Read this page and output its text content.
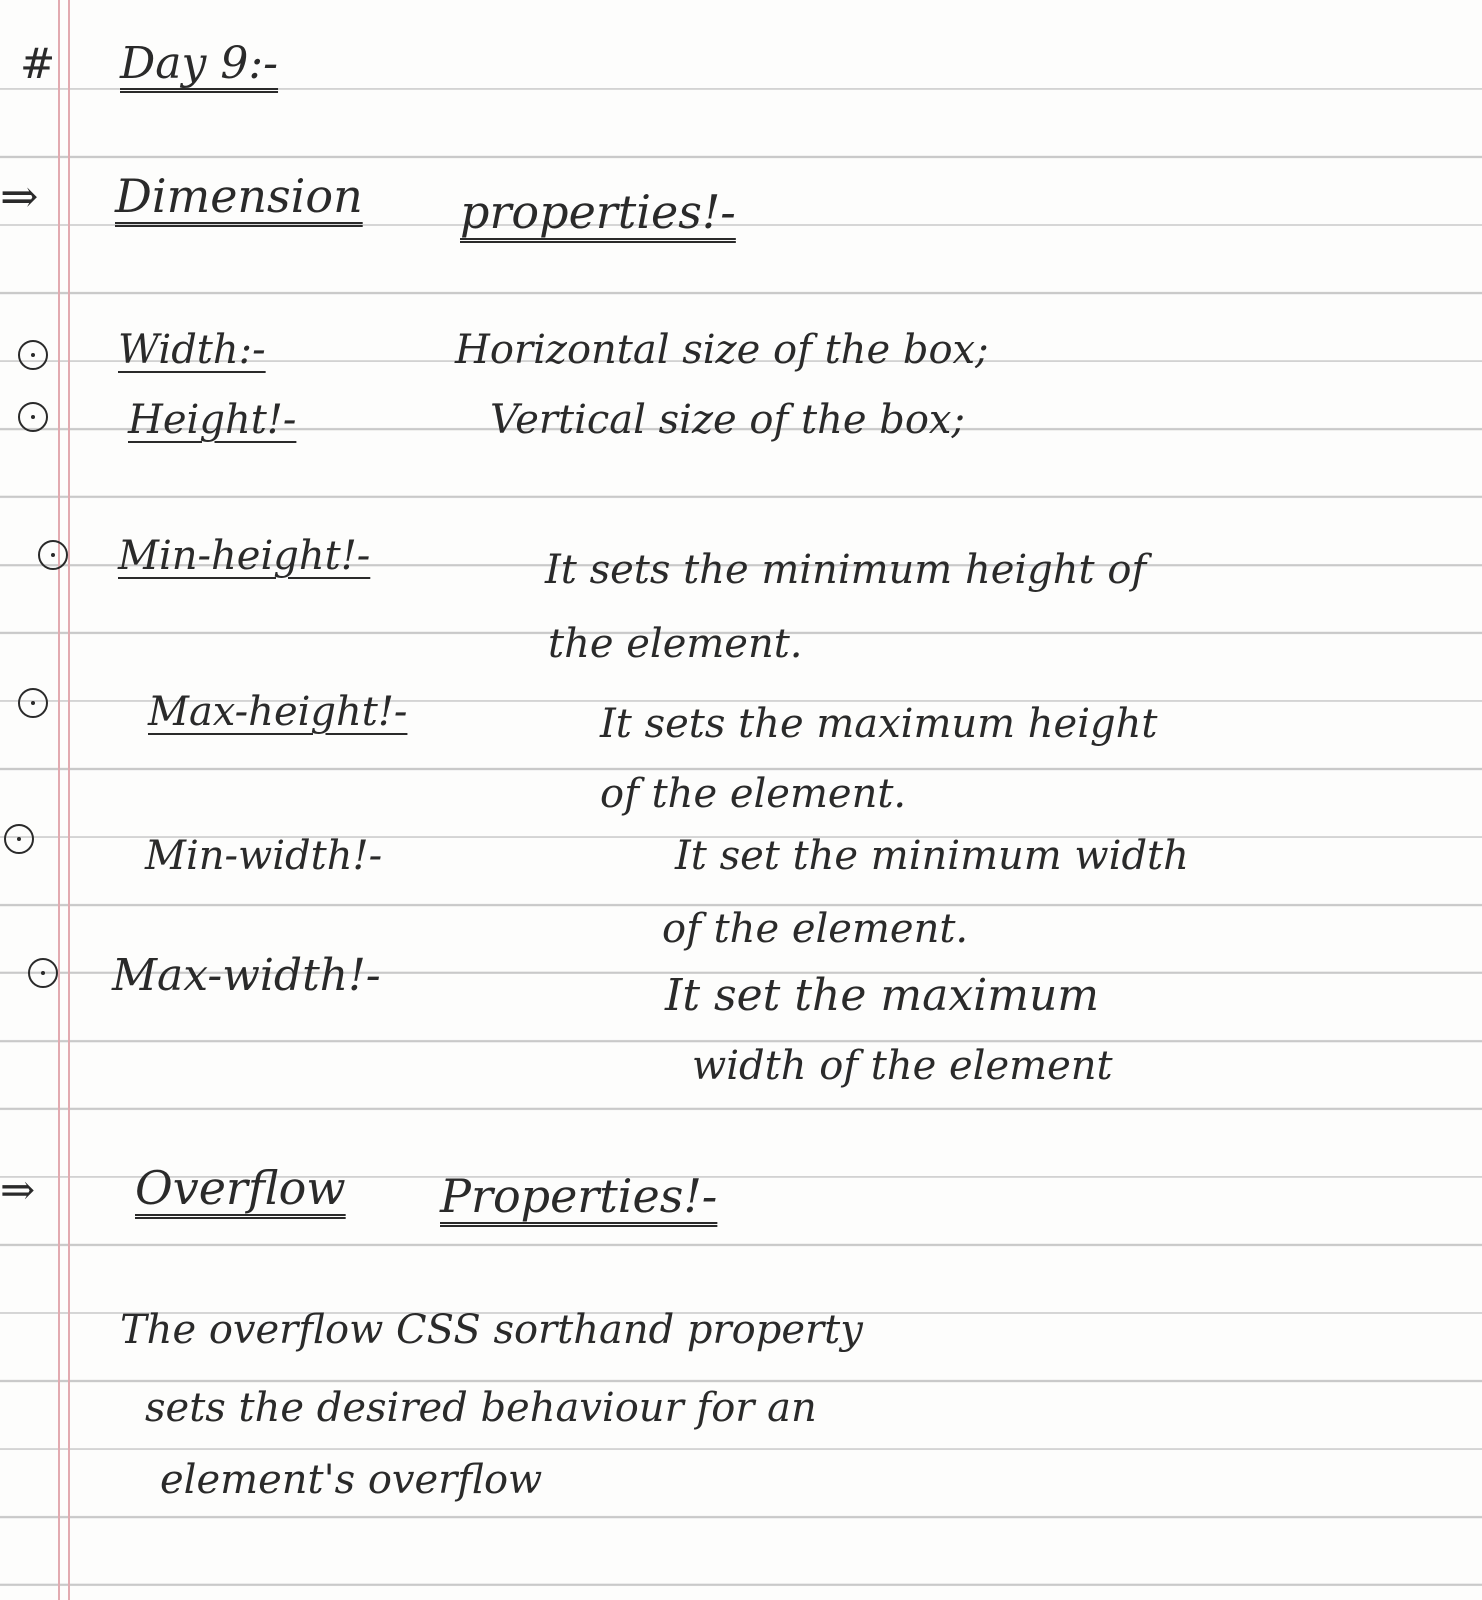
# Day 9:-
⇒ Dimension properties!-
Width:-	Horizontal size of the box;
Height!-	Vertical size of the box;
Min-height!-	It sets the minimum height of
the element.
Max-height!-	It sets the maximum height
of the element.
Min-width!-	It set the minimum width
of the element.
Max-width!-	It set the maximum
width of the element
⇒ Overflow Properties!-
The overflow CSS sorthand property
sets the desired behaviour for an
element's overflow
